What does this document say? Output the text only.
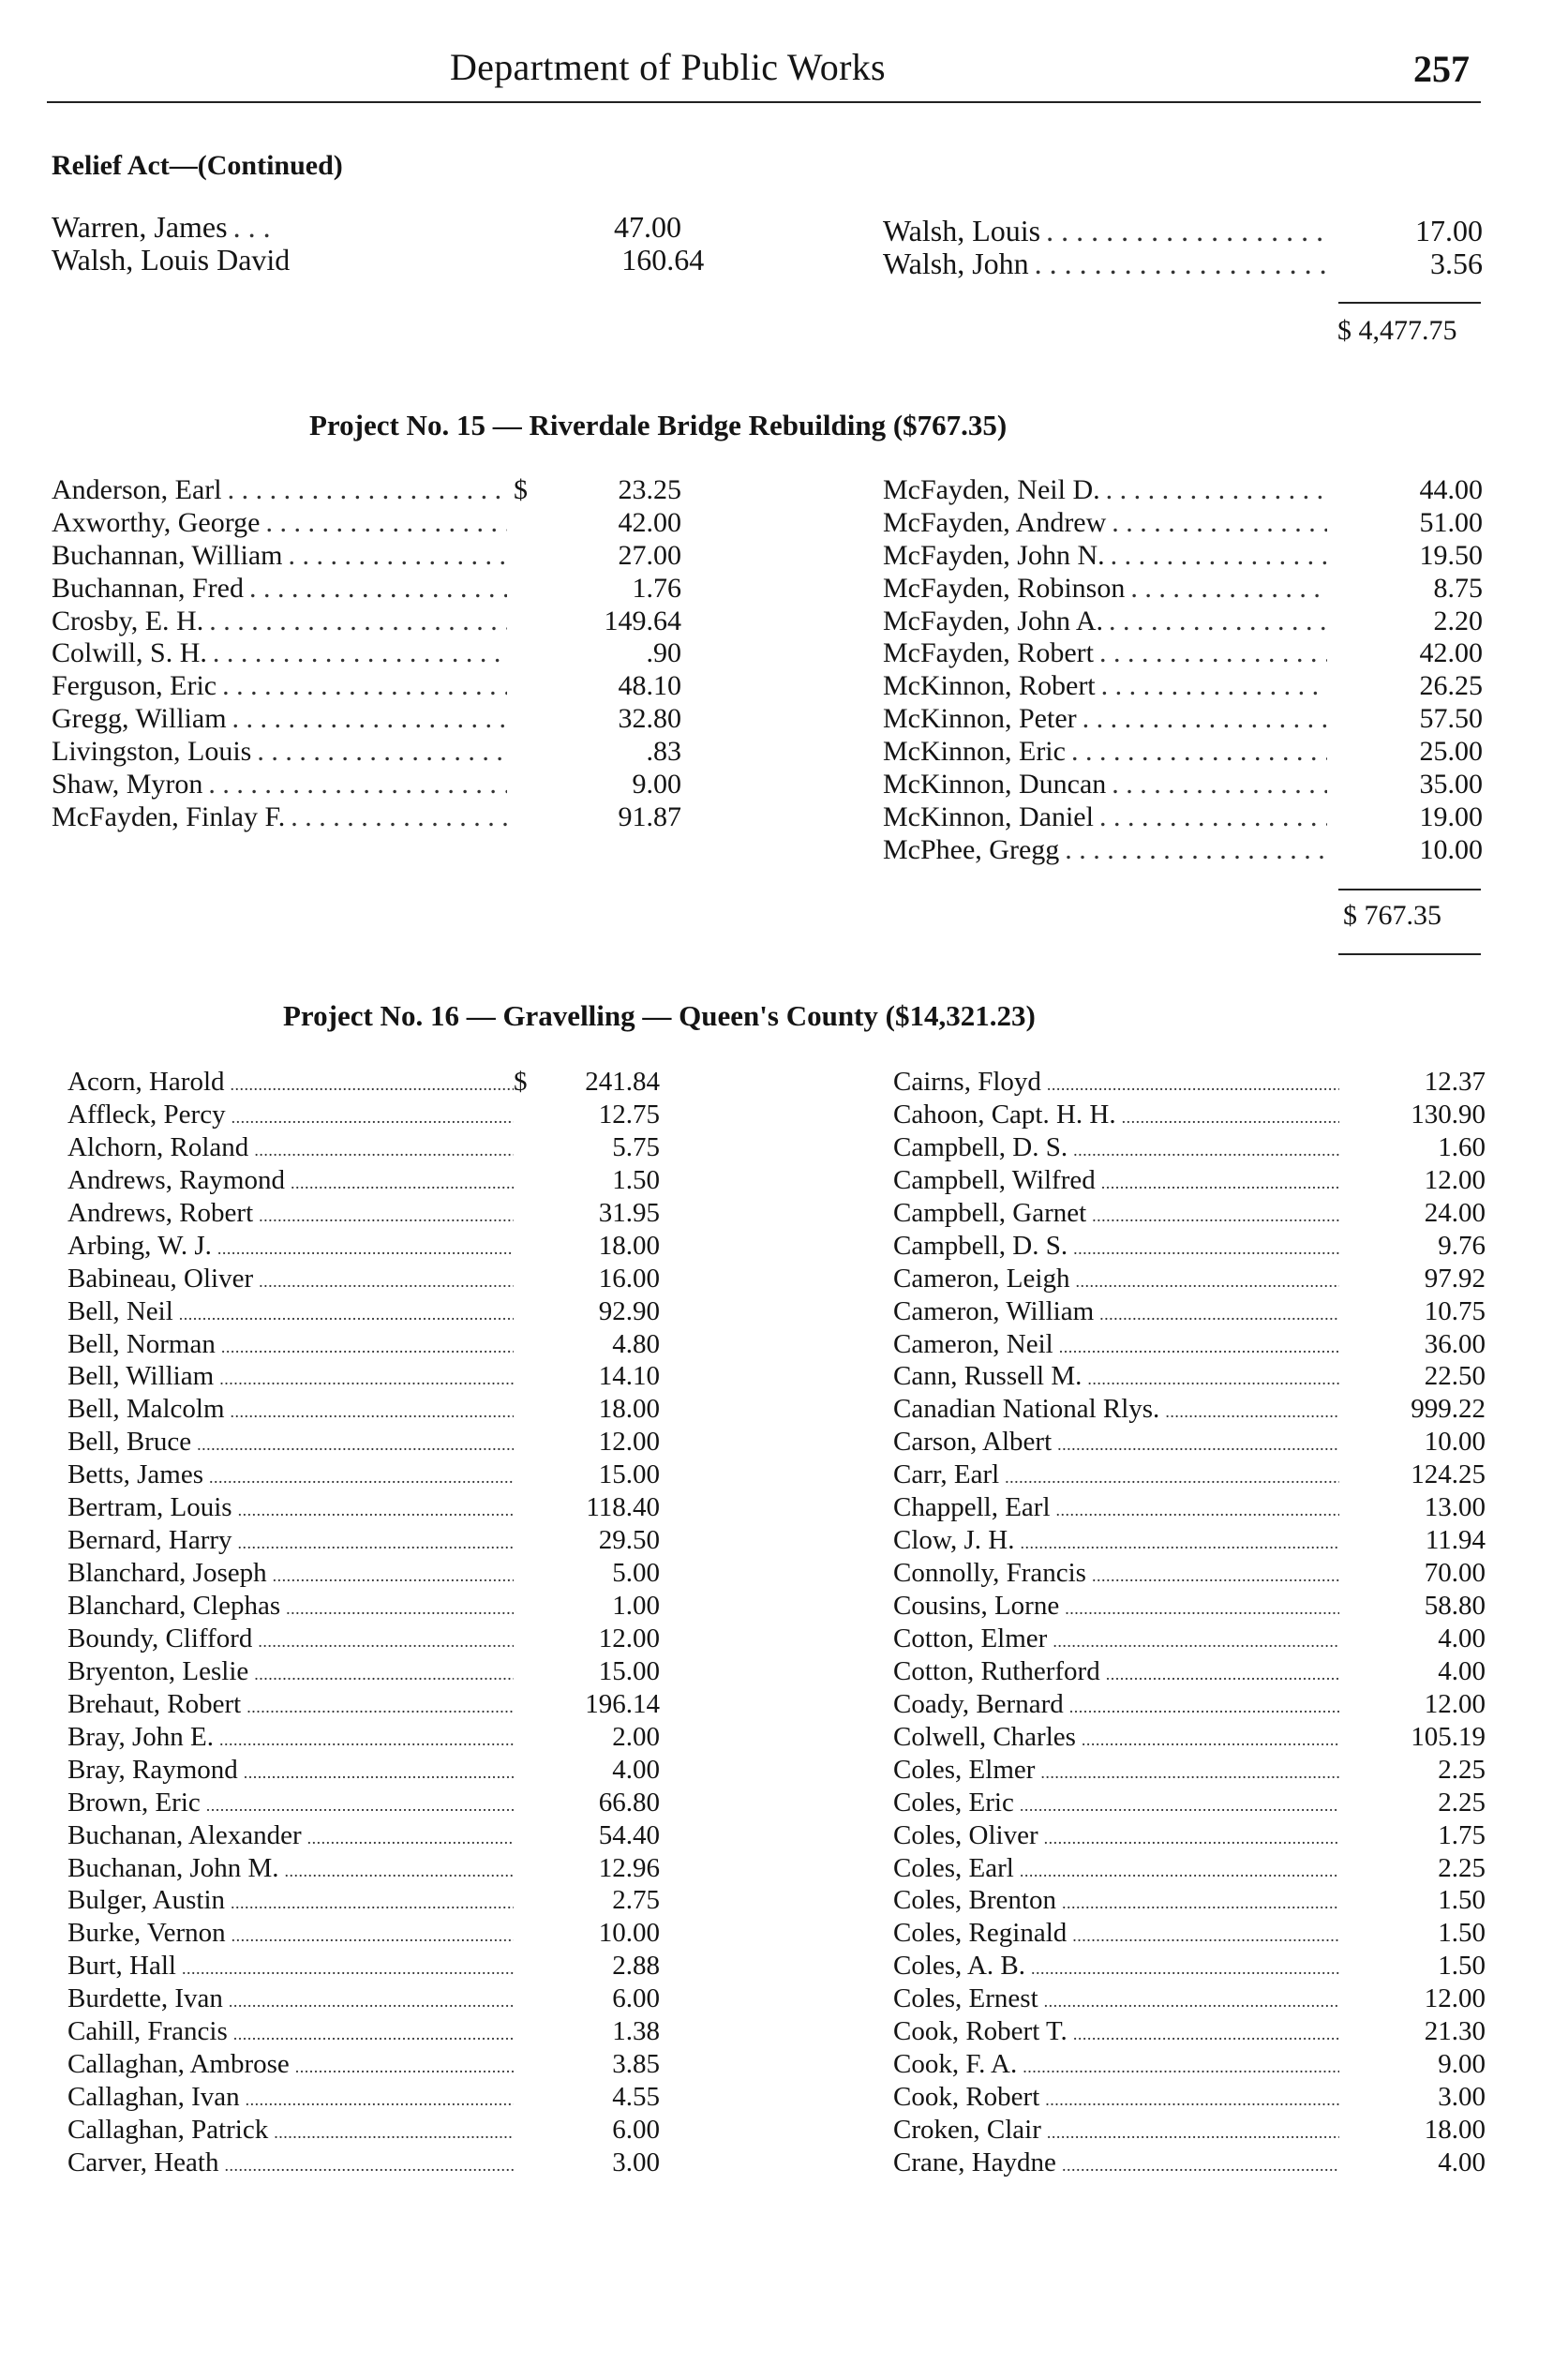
Department of Public Works	257
Relief Act—(Continued)
Warren, James . . .	47.00
Walsh, Louis David	160.64
Walsh, Louis . . .	17.00
Walsh, John . . .	3.56
$ 4,477.75
Project No. 15 — Riverdale Bridge Rebuilding ($767.35)
Anderson, Earl . . .	23.25
Axworthy, George . . .	42.00
Buchannan, William . . .	27.00
Buchannan, Fred . . .	1.76
Crosby, E. H. . . .	149.64
Colwill, S. H. . . .	.90
Ferguson, Eric . . .	48.10
Gregg, William . . .	32.80
Livingston, Louis . . .	.83
Shaw, Myron . . .	9.00
McFayden, Finlay F. . . .	91.87
$	McFayden, Neil D. . . .	44.00
McFayden, Andrew . . .	51.00
McFayden, John N. . . .	19.50
McFayden, Robinson . . .	8.75
McFayden, John A. . . .	2.20
McFayden, Robert . . .	42.00
McKinnon, Robert . . .	26.25
McKinnon, Peter . . .	57.50
McKinnon, Eric . . .	25.00
McKinnon, Duncan . . .	35.00
McKinnon, Daniel . . .	19.00
McPhee, Gregg . . .	10.00
$ 767.35
Project No. 16 — Gravelling — Queen's County ($14,321.23)
Acorn, Harold .....	241.84
Affleck, Percy .....	12.75
Alchorn, Roland .....	5.75
Andrews, Raymond .....	1.50
Andrews, Robert .....	31.95
Arbing, W. J. .....	18.00
Babineau, Oliver .....	16.00
Bell, Neil .....	92.90
Bell, Norman .....	4.80
Bell, William .....	14.10
Bell, Malcolm .....	18.00
Bell, Bruce .....	12.00
Betts, James .....	15.00
Bertram, Louis .....	118.40
Bernard, Harry .....	29.50
Blanchard, Joseph .....	5.00
Blanchard, Clephas .....	1.00
Boundy, Clifford .....	12.00
Bryenton, Leslie .....	15.00
Brehaut, Robert .....	196.14
Bray, John E. .....	2.00
Bray, Raymond .....	4.00
Brown, Eric .....	66.80
Buchanan, Alexander .....	54.40
Buchanan, John M. .....	12.96
Bulger, Austin .....	2.75
Burke, Vernon .....	10.00
Burt, Hall .....	2.88
Burdette, Ivan .....	6.00
Cahill, Francis .....	1.38
Callaghan, Ambrose .....	3.85
Callaghan, Ivan .....	4.55
Callaghan, Patrick .....	6.00
Carver, Heath .....	3.00
$	Cairns, Floyd .....	12.37
Cahoon, Capt. H. H. .....	130.90
Campbell, D. S. .....	1.60
Campbell, Wilfred .....	12.00
Campbell, Garnet .....	24.00
Campbell, D. S. .....	9.76
Cameron, Leigh .....	97.92
Cameron, William .....	10.75
Cameron, Neil .....	36.00
Cann, Russell M. .....	22.50
Canadian National Rlys. .....	999.22
Carson, Albert .....	10.00
Carr, Earl .....	124.25
Chappell, Earl .....	13.00
Clow, J. H. .....	11.94
Connolly, Francis .....	70.00
Cousins, Lorne .....	58.80
Cotton, Elmer .....	4.00
Cotton, Rutherford .....	4.00
Coady, Bernard .....	12.00
Colwell, Charles .....	105.19
Coles, Elmer .....	2.25
Coles, Eric .....	2.25
Coles, Oliver .....	1.75
Coles, Earl .....	2.25
Coles, Brenton .....	1.50
Coles, Reginald .....	1.50
Coles, A. B. .....	1.50
Coles, Ernest .....	12.00
Cook, Robert T. .....	21.30
Cook, F. A. .....	9.00
Cook, Robert .....	3.00
Croken, Clair .....	18.00
Crane, Haydne .....	4.00
